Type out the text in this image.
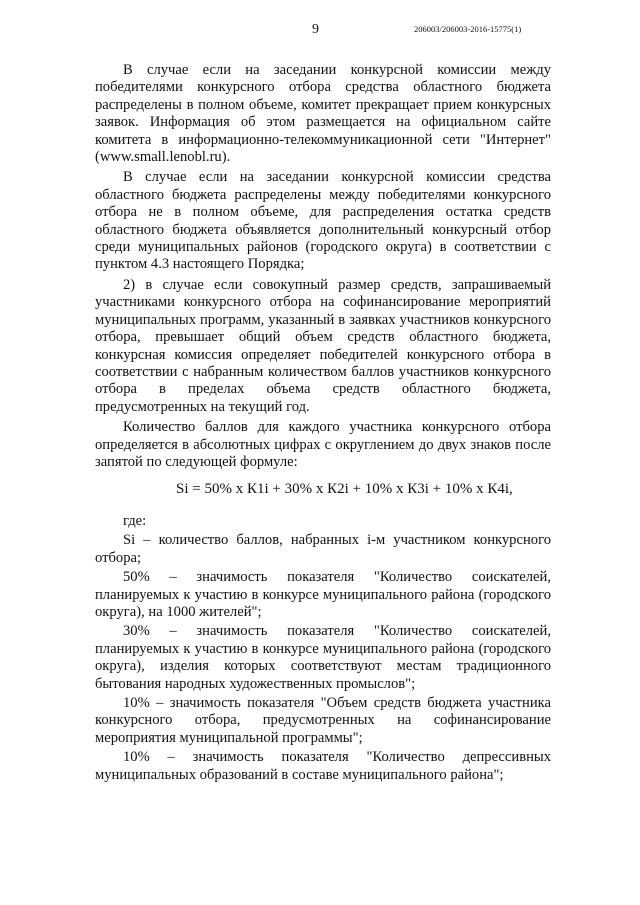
9	206003/206003-2016-15775(1)

В случае если на заседании конкурсной комиссии между победителями конкурсного отбора средства областного бюджета распределены в полном объеме, комитет прекращает прием конкурсных заявок. Информация об этом размещается на официальном сайте комитета в информационно-телекоммуникационной сети "Интернет" (www.small.lenobl.ru).

В случае если на заседании конкурсной комиссии средства областного бюджета распределены между победителями конкурсного отбора не в полном объеме, для распределения остатка средств областного бюджета объявляется дополнительный конкурсный отбор среди муниципальных районов (городского округа) в соответствии с пунктом 4.3 настоящего Порядка;

2) в случае если совокупный размер средств, запрашиваемый участниками конкурсного отбора на софинансирование мероприятий муниципальных программ, указанный в заявках участников конкурсного отбора, превышает общий объем средств областного бюджета, конкурсная комиссия определяет победителей конкурсного отбора в соответствии с набранным количеством баллов участников конкурсного отбора в пределах объема средств областного бюджета, предусмотренных на текущий год.

Количество баллов для каждого участника конкурсного отбора определяется в абсолютных цифрах с округлением до двух знаков после запятой по следующей формуле:

Si = 50% х К1i + 30% х К2i + 10% х К3i + 10% х К4i,

где:

Si – количество баллов, набранных i-м участником конкурсного отбора;

50% – значимость показателя "Количество соискателей, планируемых к участию в конкурсе муниципального района (городского округа), на 1000 жителей";

30% – значимость показателя "Количество соискателей, планируемых к участию в конкурсе муниципального района (городского округа), изделия которых соответствуют местам традиционного бытования народных художественных промыслов";

10% – значимость показателя "Объем средств бюджета участника конкурсного отбора, предусмотренных на софинансирование мероприятия муниципальной программы";

10% – значимость показателя "Количество депрессивных муниципальных образований в составе муниципального района";
